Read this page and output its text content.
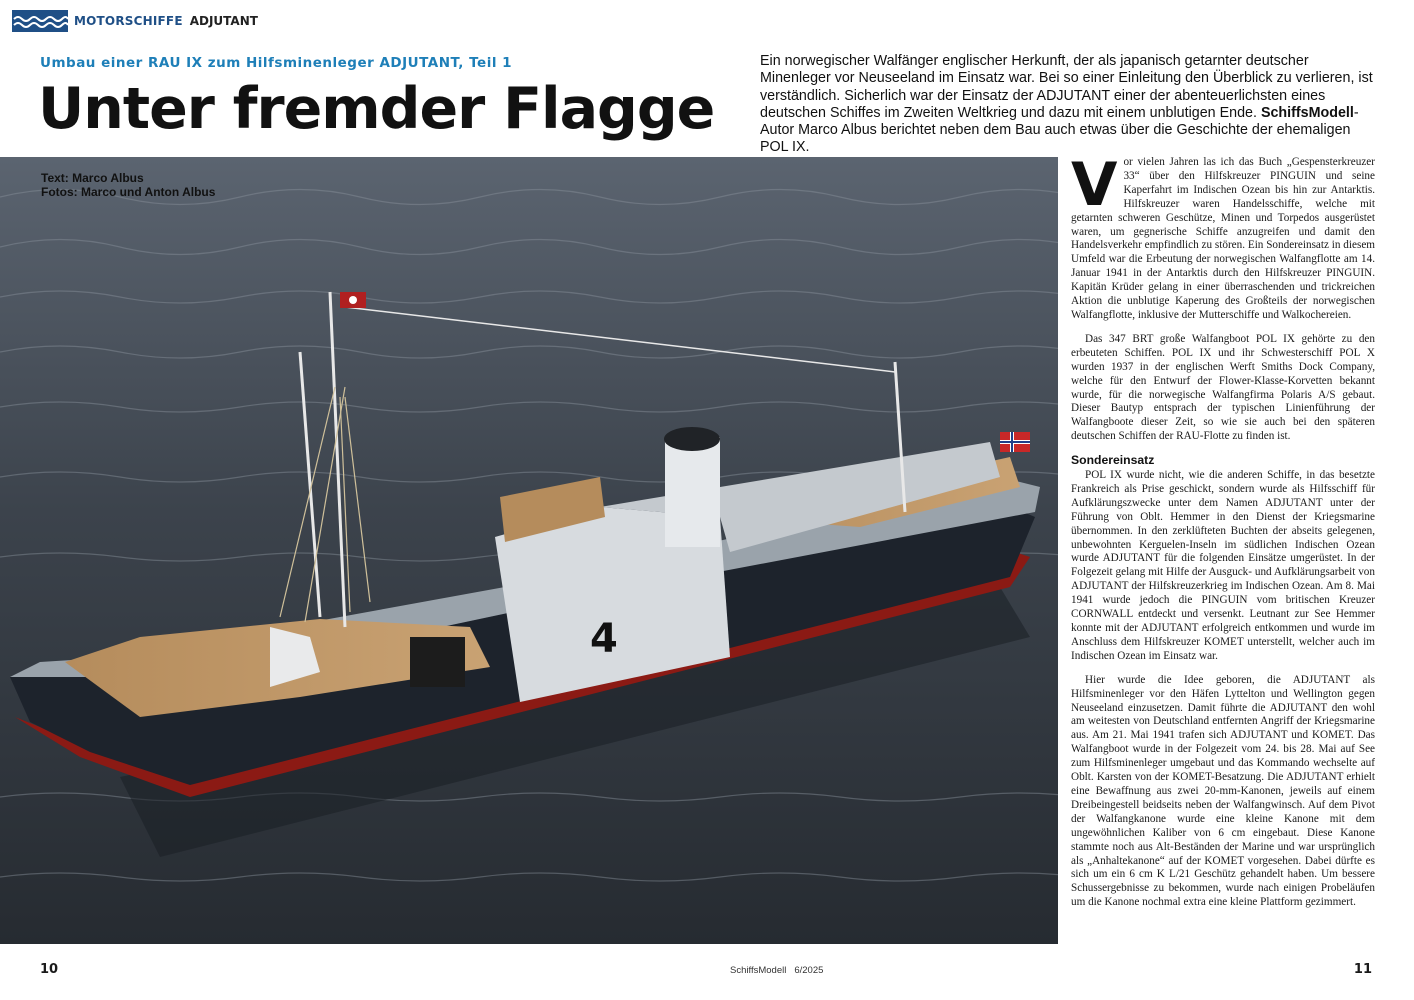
MOTORSCHIFFE ADJUTANT
Umbau einer RAU IX zum Hilfsminenleger ADJUTANT, Teil 1
Unter fremder Flagge
Ein norwegischer Walfänger englischer Herkunft, der als japanisch getarnter deutscher Minenleger vor Neuseeland im Einsatz war. Bei so einer Einleitung den Überblick zu verlieren, ist verständlich. Sicherlich war der Einsatz der ADJUTANT einer der abenteuerlichsten eines deutschen Schiffes im Zweiten Weltkrieg und dazu mit einem unblutigen Ende. SchiffsModell-Autor Marco Albus berichtet neben dem Bau auch etwas über die Geschichte der ehemaligen POL IX.
4
Text: Marco Albus
Fotos: Marco und Anton Albus	Vor vielen Jahren las ich das Buch „Gespensterkreuzer 33“ über den Hilfskreuzer PINGUIN und seine Kaperfahrt im Indischen Ozean bis hin zur Antarktis. Hilfskreuzer waren Handelsschiffe, welche mit getarnten schweren Geschütze, Minen und Torpedos ausgerüstet waren, um gegnerische Schiffe anzugreifen und damit den Handelsverkehr empfindlich zu stören. Ein Sondereinsatz in diesem Umfeld war die Erbeutung der norwegischen Walfangflotte am 14. Januar 1941 in der Antarktis durch den Hilfskreuzer PINGUIN. Kapitän Krüder gelang in einer überraschenden und trickreichen Aktion die unblutige Kaperung des Großteils der norwegischen Walfangflotte, inklusive der Mutterschiffe und Walkochereien.

Das 347 BRT große Walfangboot POL IX gehörte zu den erbeuteten Schiffen. POL IX und ihr Schwesterschiff POL X wurden 1937 in der englischen Werft Smiths Dock Company, welche für den Entwurf der Flower-Klasse-Korvetten bekannt wurde, für die norwegische Walfangfirma Polaris A/S gebaut. Dieser Bautyp entsprach der typischen Linienführung der Walfangboote dieser Zeit, so wie sie auch bei den späteren deutschen Schiffen der RAU-Flotte zu finden ist.

Sondereinsatz

POL IX wurde nicht, wie die anderen Schiffe, in das besetzte Frankreich als Prise geschickt, sondern wurde als Hilfsschiff für Aufklärungszwecke unter dem Namen ADJUTANT unter der Führung von Oblt. Hemmer in den Dienst der Kriegsmarine übernommen. In den zerklüfteten Buchten der abseits gelegenen, unbewohnten Kerguelen-Inseln im südlichen Indischen Ozean wurde ADJUTANT für die folgenden Einsätze umgerüstet. In der Folgezeit gelang mit Hilfe der Ausguck- und Aufklärungsarbeit von ADJUTANT der Hilfskreuzerkrieg im Indischen Ozean. Am 8. Mai 1941 wurde jedoch die PINGUIN vom britischen Kreuzer CORNWALL entdeckt und versenkt. Leutnant zur See Hemmer konnte mit der ADJUTANT erfolgreich entkommen und wurde im Anschluss dem Hilfskreuzer KOMET unterstellt, welcher auch im Indischen Ozean im Einsatz war.

Hier wurde die Idee geboren, die ADJUTANT als Hilfsminenleger vor den Häfen Lyttelton und Wellington gegen Neuseeland einzusetzen. Damit führte die ADJUTANT den wohl am weitesten von Deutschland entfernten Angriff der Kriegsmarine aus. Am 21. Mai 1941 trafen sich ADJUTANT und KOMET. Das Walfangboot wurde in der Folgezeit vom 24. bis 28. Mai auf See zum Hilfsminenleger umgebaut und das Kommando wechselte auf Oblt. Karsten von der KOMET-Besatzung. Die ADJUTANT erhielt eine Bewaffnung aus zwei 20-mm-Kanonen, jeweils auf einem Dreibeingestell beidseits neben der Walfangwinsch. Auf dem Pivot der Walfangkanone wurde eine kleine Kanone mit dem ungewöhnlichen Kaliber von 6 cm eingebaut. Diese Kanone stammte noch aus Alt-Beständen der Marine und war ursprünglich als „Anhaltekanone“ auf der KOMET vorgesehen. Dabei dürfte es sich um ein 6 cm K L/21 Geschütz gehandelt haben. Um bessere Schussergebnisse zu bekommen, wurde nach einigen Probeläufen um die Kanone nochmal extra eine kleine Plattform gezimmert.

10	SchiffsModell 6/2025	11
